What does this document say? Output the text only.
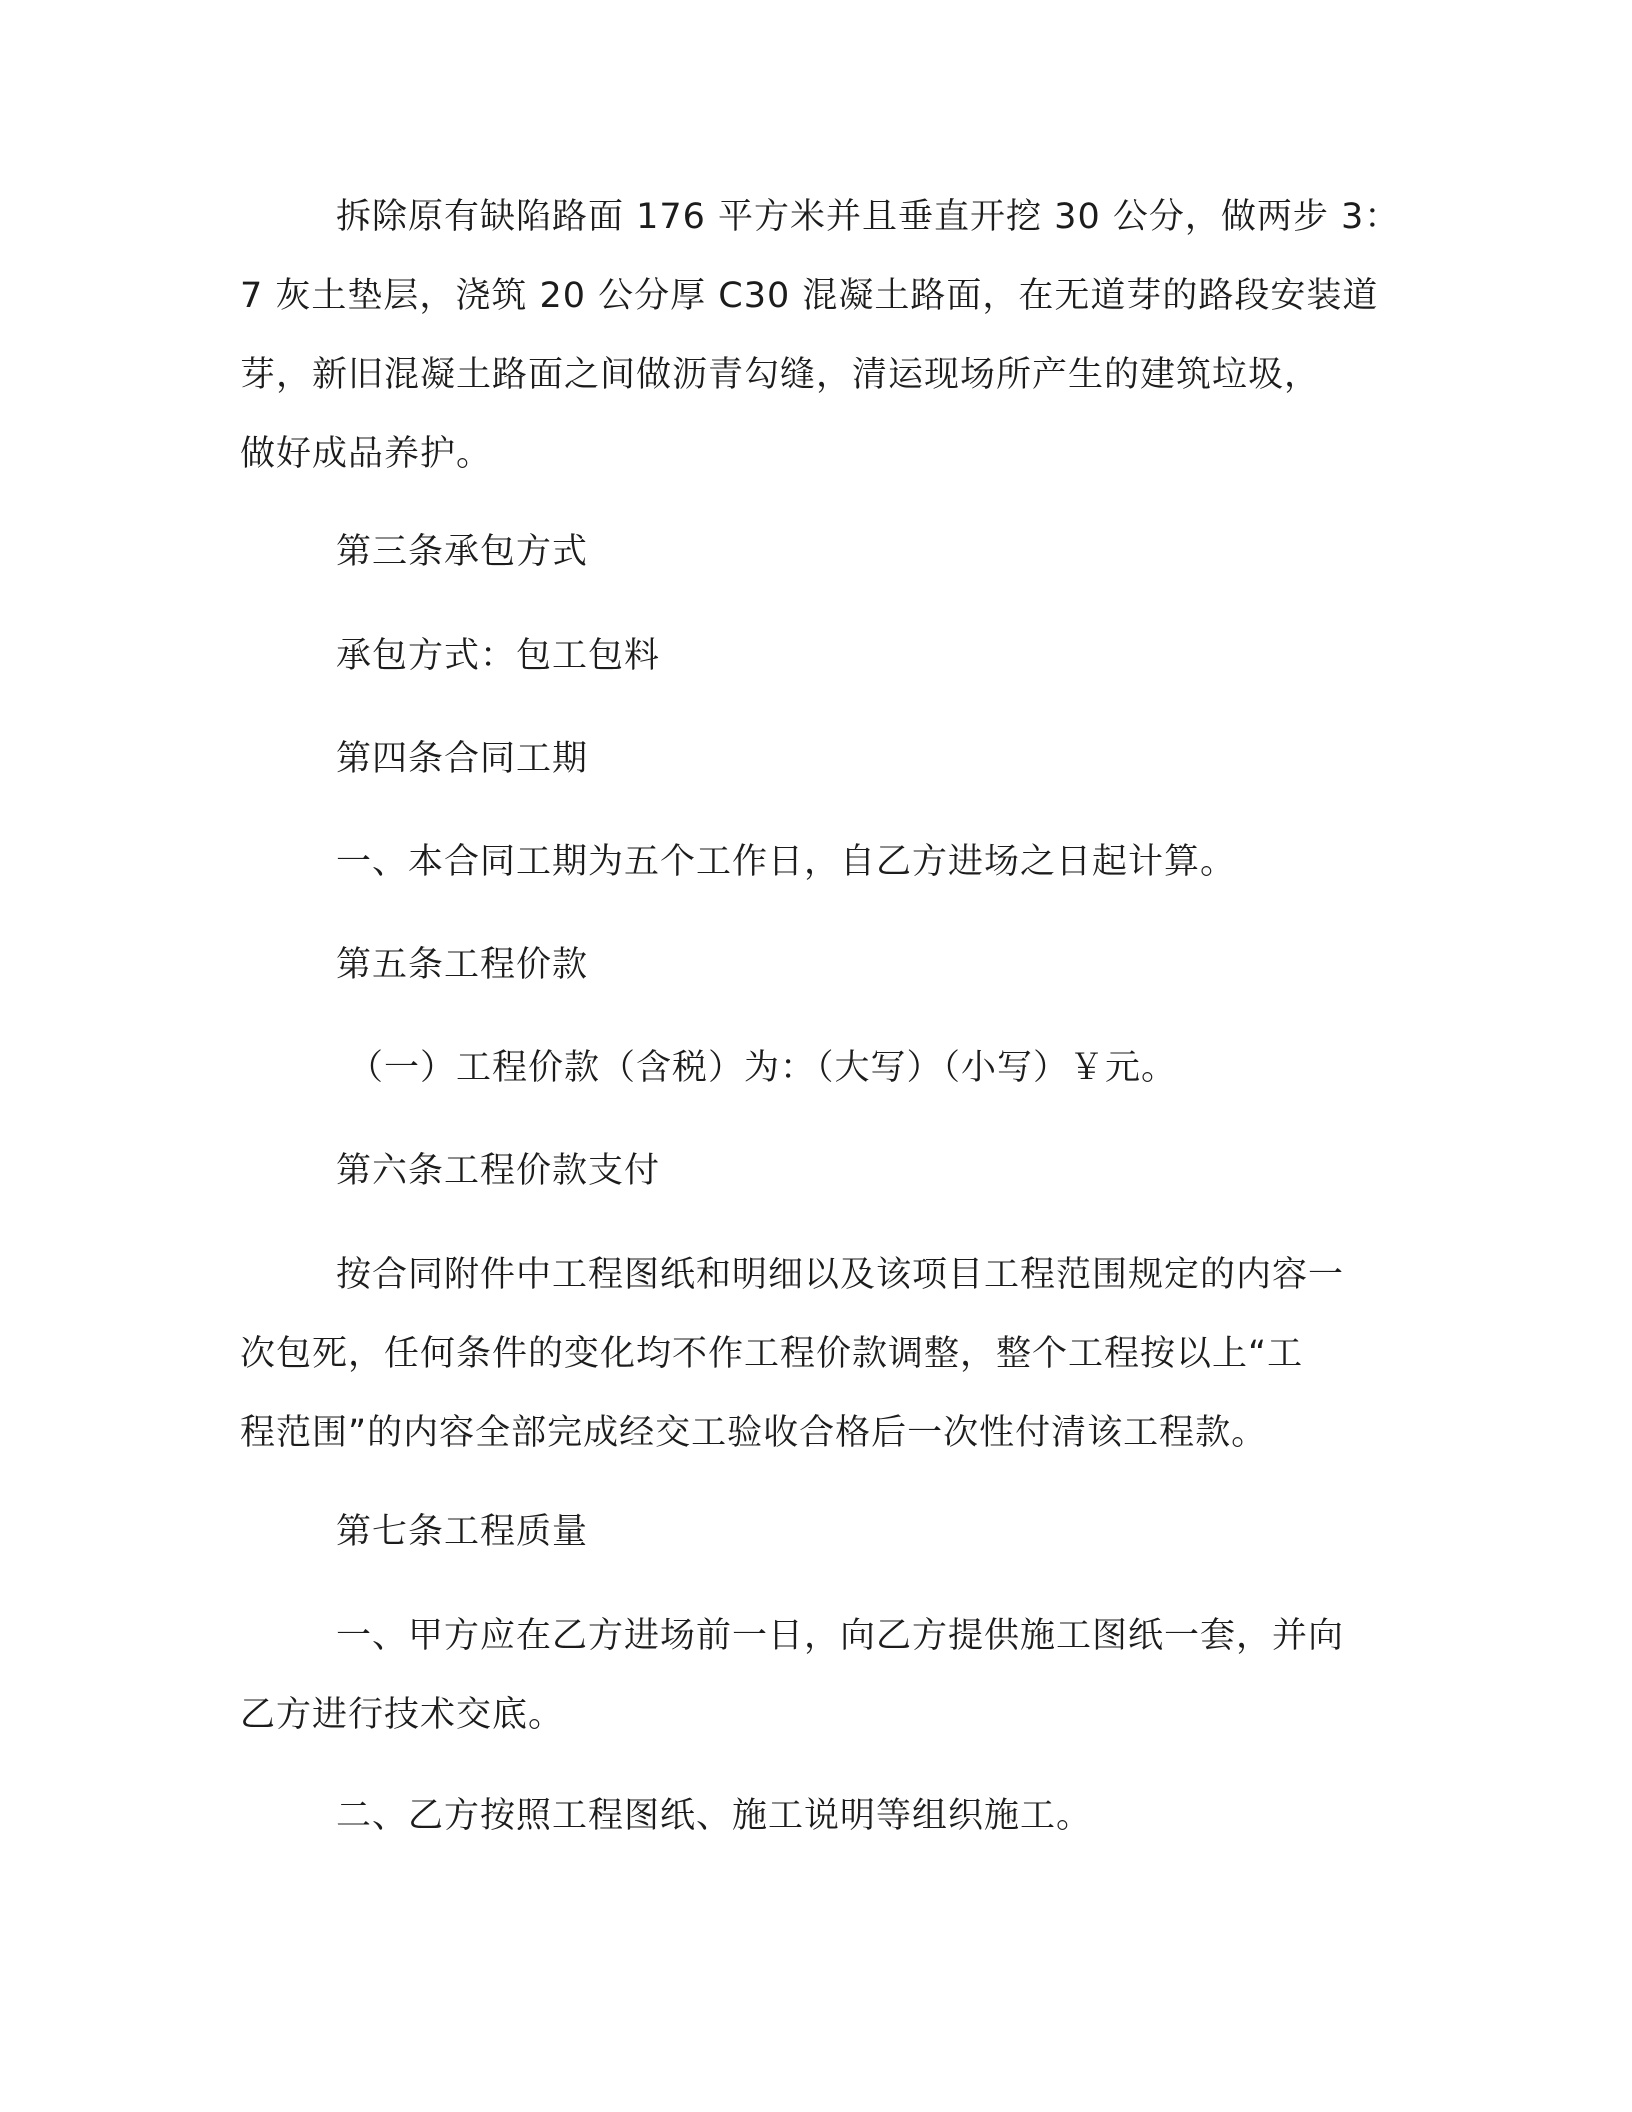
拆除原有缺陷路面 176 平方米并且垂直开挖 30 公分，做两步 3：
7 灰土垫层，浇筑 20 公分厚 C30 混凝土路面，在无道芽的路段安装道
芽，新旧混凝土路面之间做沥青勾缝，清运现场所产生的建筑垃圾，
做好成品养护。

第三条承包方式

承包方式：包工包料

第四条合同工期

一、本合同工期为五个工作日，自乙方进场之日起计算。

第五条工程价款

（一）工程价款（含税）为：（大写）（小写）￥元。

第六条工程价款支付

按合同附件中工程图纸和明细以及该项目工程范围规定的内容一
次包死，任何条件的变化均不作工程价款调整，整个工程按以上“工
程范围”的内容全部完成经交工验收合格后一次性付清该工程款。

第七条工程质量

一、甲方应在乙方进场前一日，向乙方提供施工图纸一套，并向
乙方进行技术交底。

二、乙方按照工程图纸、施工说明等组织施工。
